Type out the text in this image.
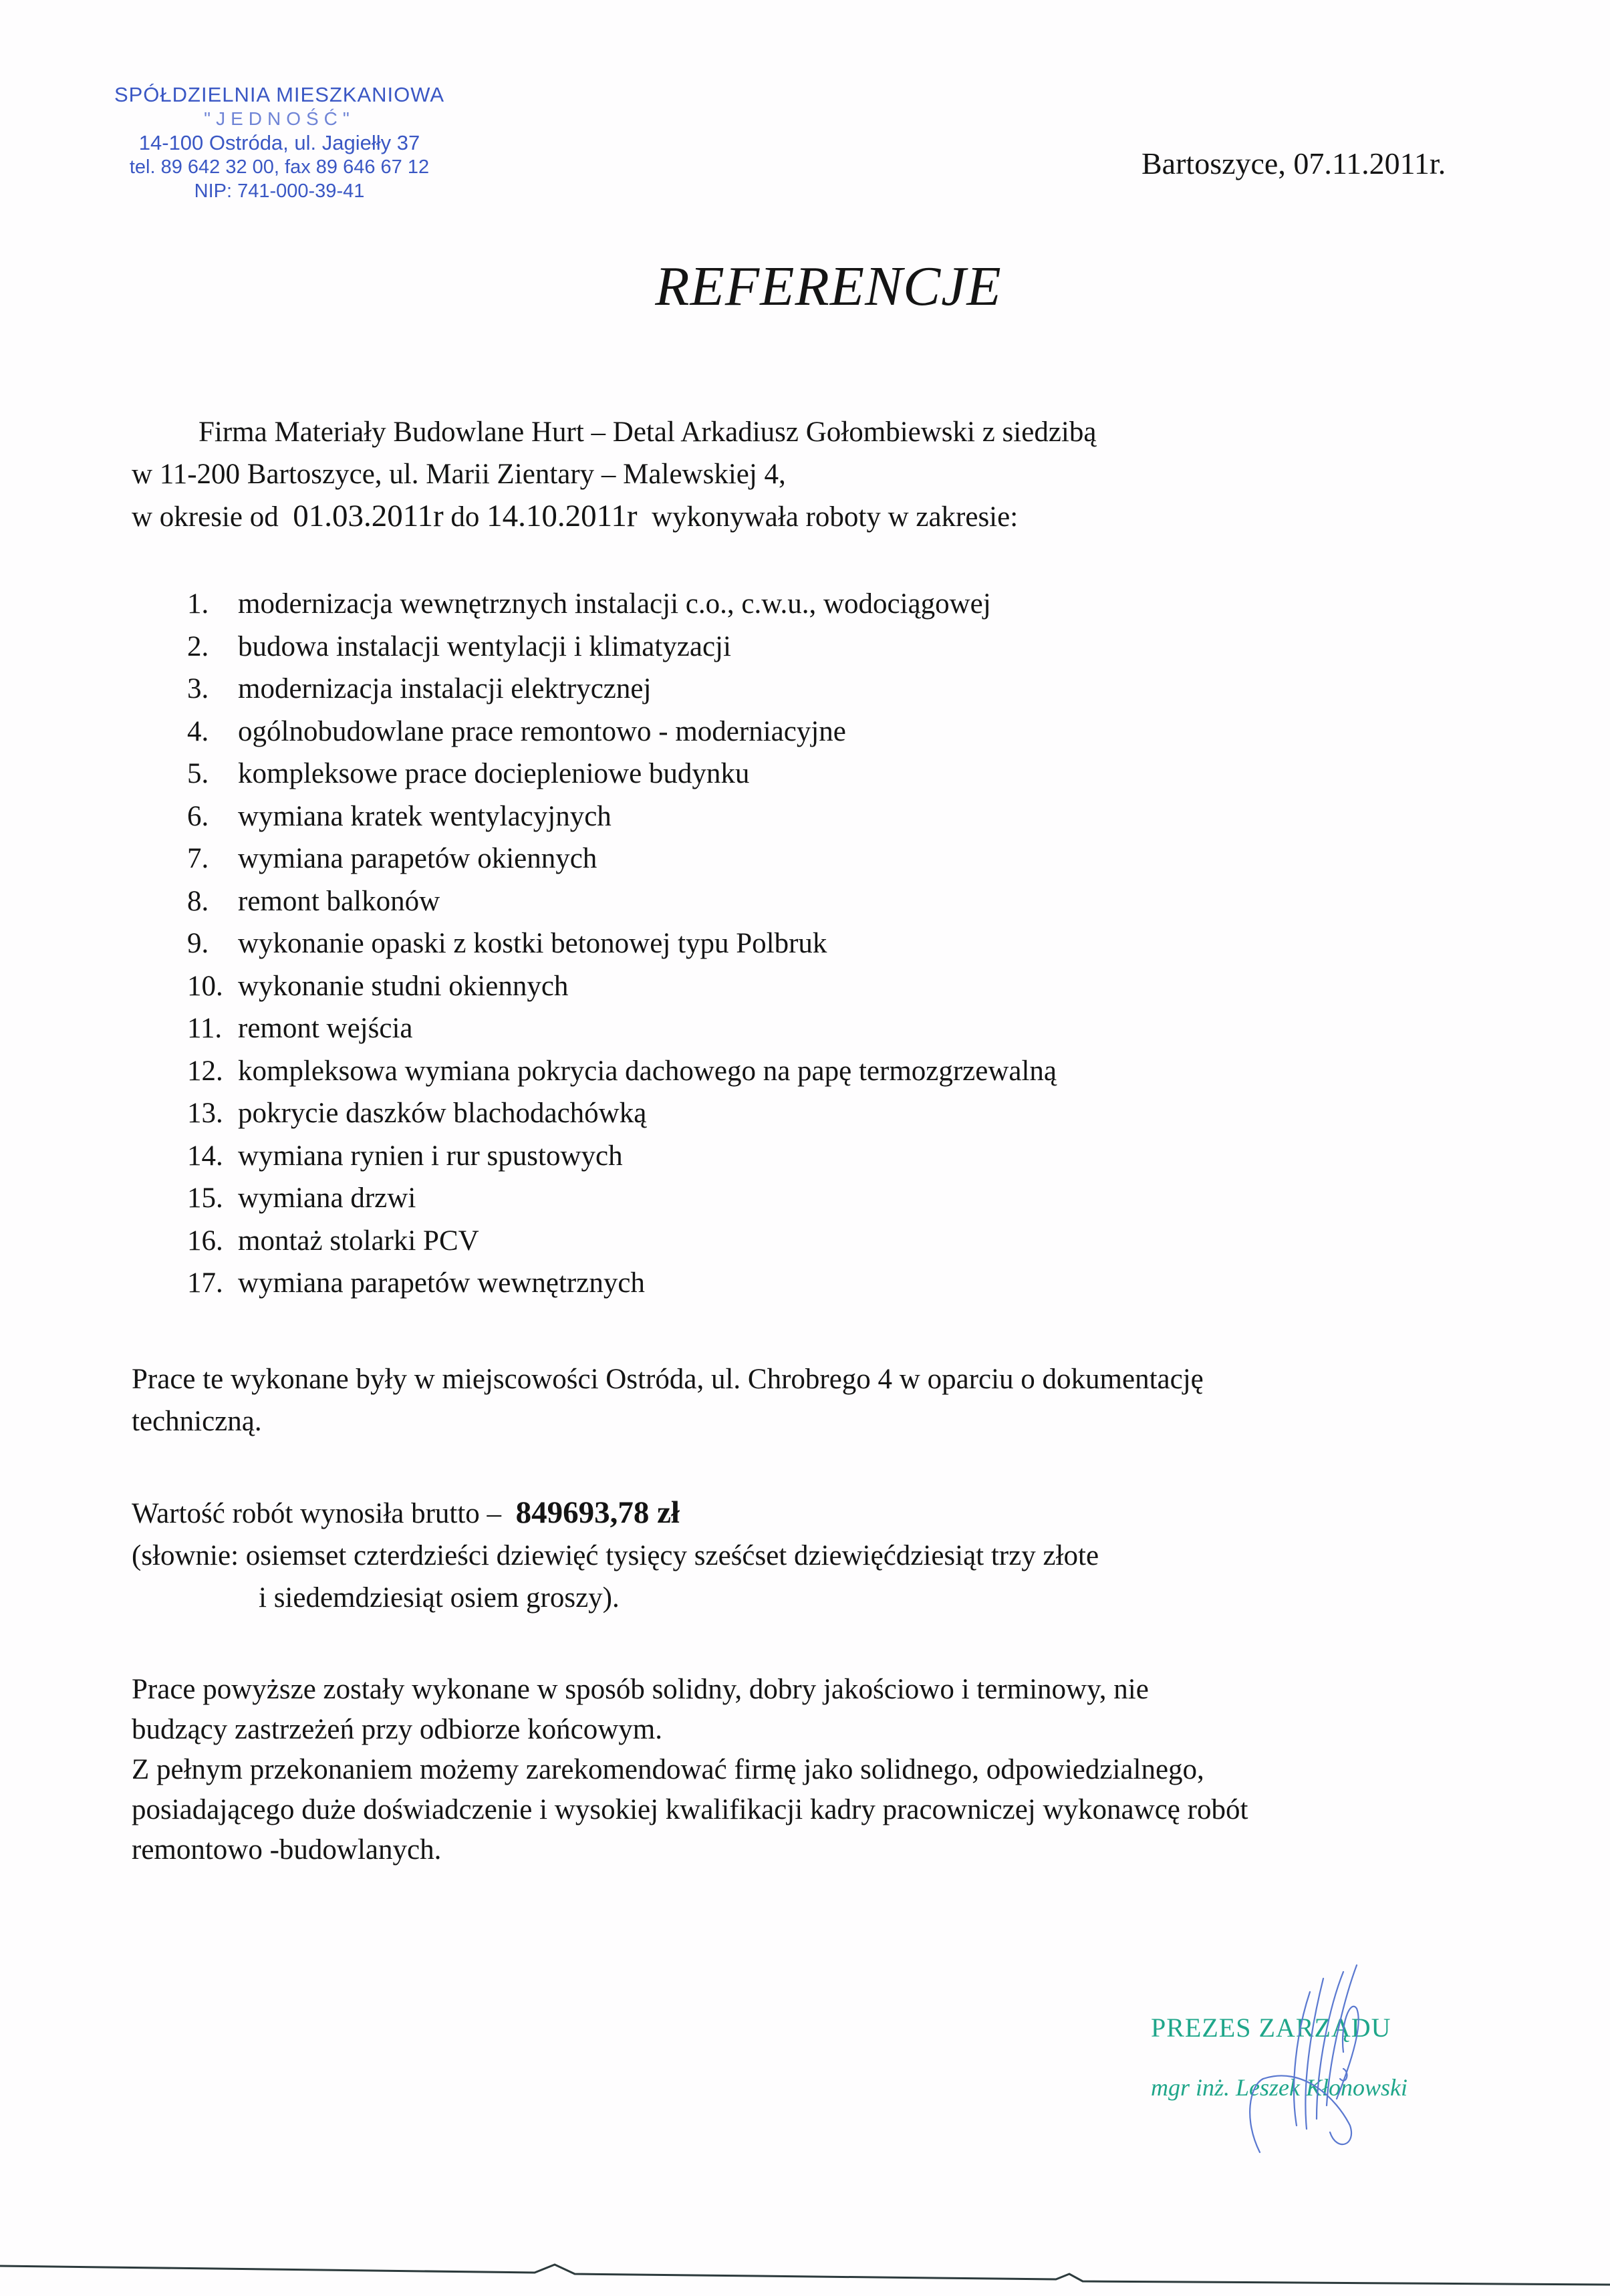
SPÓŁDZIELNIA MIESZKANIOWA
"JEDNOŚĆ"
14-100 Ostróda, ul. Jagiełły 37
tel. 89 642 32 00, fax 89 646 67 12
NIP: 741-000-39-41
Bartoszyce, 07.11.2011r.
REFERENCJE
Firma Materiały Budowlane Hurt – Detal Arkadiusz Gołombiewski z siedzibą
w 11-200 Bartoszyce, ul. Marii Zientary – Malewskiej 4,
w okresie od  01.03.2011r do 14.10.2011r  wykonywała roboty w zakresie:
1. modernizacja wewnętrznych instalacji c.o., c.w.u., wodociągowej
2. budowa instalacji wentylacji i klimatyzacji
3. modernizacja instalacji elektrycznej
4. ogólnobudowlane prace remontowo - moderniacyjne
5. kompleksowe prace dociepleniowe budynku
6. wymiana kratek wentylacyjnych
7. wymiana parapetów okiennych
8. remont balkonów
9. wykonanie opaski z kostki betonowej typu Polbruk
10. wykonanie studni okiennych
11. remont wejścia
12. kompleksowa wymiana pokrycia dachowego na papę termozgrzewalną
13. pokrycie daszków blachodachówką
14. wymiana rynien i rur spustowych
15. wymiana drzwi
16. montaż stolarki PCV
17. wymiana parapetów wewnętrznych
Prace te wykonane były w miejscowości Ostróda, ul. Chrobrego 4 w oparciu o dokumentację
techniczną.
Wartość robót wynosiła brutto –  849693,78 zł
(słownie: osiemset czterdzieści dziewięć tysięcy sześćset dziewięćdziesiąt trzy złote
i siedemdziesiąt osiem groszy).
Prace powyższe zostały wykonane w sposób solidny, dobry jakościowo i terminowy, nie
budzący zastrzeżeń przy odbiorze końcowym.
Z pełnym przekonaniem możemy zarekomendować firmę jako solidnego, odpowiedzialnego,
posiadającego duże doświadczenie i wysokiej kwalifikacji kadry pracowniczej wykonawcę robót
remontowo -budowlanych.
PREZES ZARZĄDU
mgr inż. Leszek Kłonowski
